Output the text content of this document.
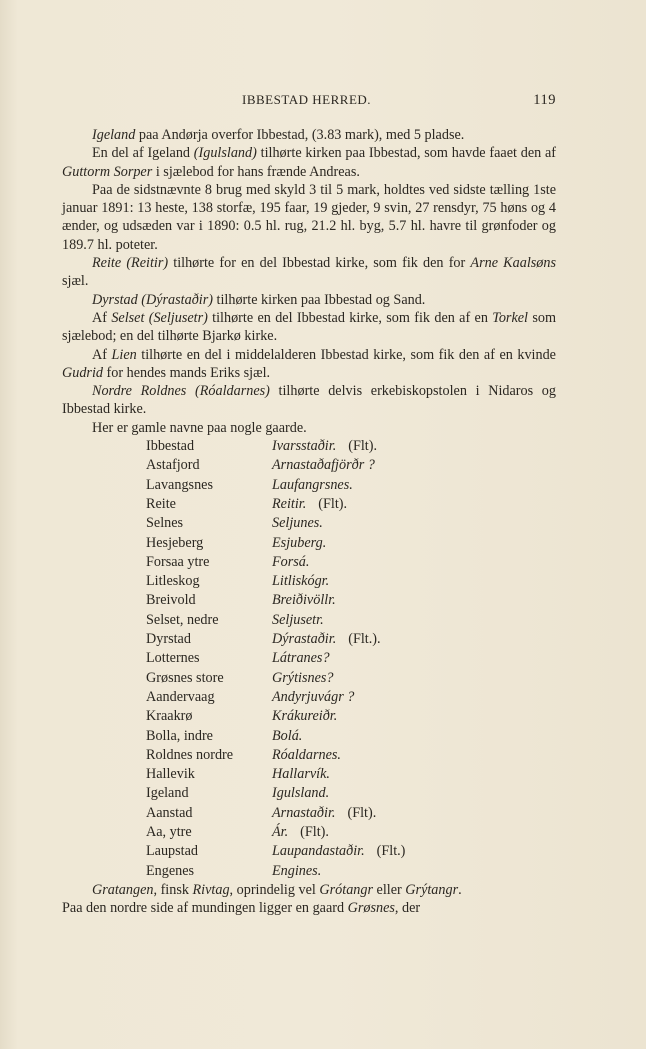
IBBESTAD HERRED.	119

Igeland paa Andørja overfor Ibbestad, (3.83 mark), med 5 pladse.

En del af Igeland (Igulsland) tilhørte kirken paa Ibbestad, som havde faaet den af Guttorm Sorper i sjælebod for hans frænde Andreas.

Paa de sidstnævnte 8 brug med skyld 3 til 5 mark, holdtes ved sidste tælling 1ste januar 1891: 13 heste, 138 storfæ, 195 faar, 19 gjeder, 9 svin, 27 rensdyr, 75 høns og 4 ænder, og udsæden var i 1890: 0.5 hl. rug, 21.2 hl. byg, 5.7 hl. havre til grønfoder og 189.7 hl. poteter.

Reite (Reitir) tilhørte for en del Ibbestad kirke, som fik den for Arne Kaalsøns sjæl.

Dyrstad (Dýrastaðir) tilhørte kirken paa Ibbestad og Sand.

Af Selset (Seljusetr) tilhørte en del Ibbestad kirke, som fik den af en Torkel som sjælebod; en del tilhørte Bjarkø kirke.

Af Lien tilhørte en del i middelalderen Ibbestad kirke, som fik den af en kvinde Gudrid for hendes mands Eriks sjæl.

Nordre Roldnes (Róaldarnes) tilhørte delvis erkebiskopstolen i Nidaros og Ibbestad kirke.

Her er gamle navne paa nogle gaarde.

Ibbestad	Ivarsstaðir. (Flt).
Astafjord	Arnastaðafjörðr ?
Lavangsnes	Laufangrsnes.
Reite	Reitir. (Flt).
Selnes	Seljunes.
Hesjeberg	Esjuberg.
Forsaa ytre	Forsá.
Litleskog	Litliskógr.
Breivold	Breiðivöllr.
Selset, nedre	Seljusetr.
Dyrstad	Dýrastaðir. (Flt.).
Lotternes	Látranes?
Grøsnes store	Grýtisnes?
Aandervaag	Andyrjuvágr ?
Kraakrø	Krákureiðr.
Bolla, indre	Bolá.
Roldnes nordre	Róaldarnes.
Hallevik	Hallarvík.
Igeland	Igulsland.
Aanstad	Arnastaðir. (Flt).
Aa, ytre	Ár. (Flt).
Laupstad	Laupandastaðir. (Flt.)
Engenes	Engines.

Gratangen, finsk Rivtag, oprindelig vel Grótangr eller Grýtangr.

Paa den nordre side af mundingen ligger en gaard Grøsnes, der
